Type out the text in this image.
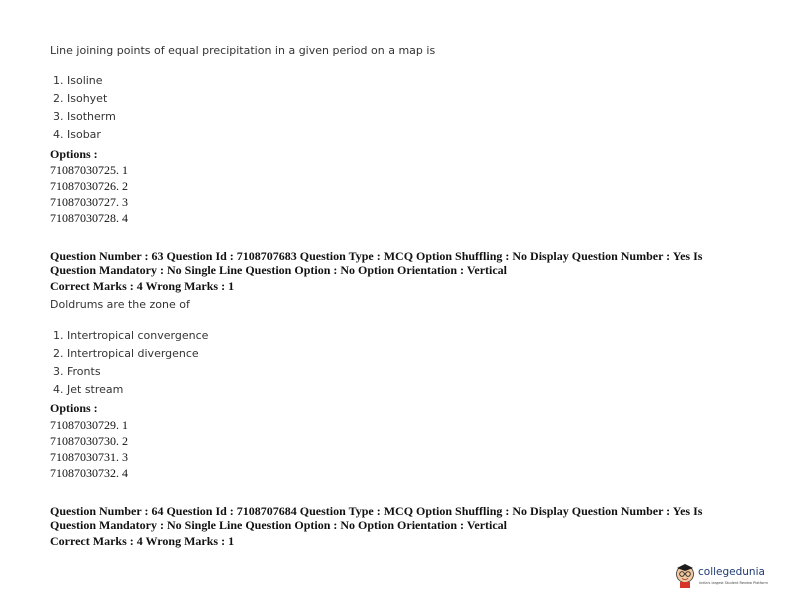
Line joining points of equal precipitation in a given period on a map is
1. Isoline
2. Isohyet
3. Isotherm
4. Isobar
Options :
71087030725. 1
71087030726. 2
71087030727. 3
71087030728. 4
Question Number : 63 Question Id : 7108707683 Question Type : MCQ Option Shuffling : No Display Question Number : Yes Is
Question Mandatory : No Single Line Question Option : No Option Orientation : Vertical
Correct Marks : 4 Wrong Marks : 1
Doldrums are the zone of
1. Intertropical convergence
2. Intertropical divergence
3. Fronts
4. Jet stream
Options :
71087030729. 1
71087030730. 2
71087030731. 3
71087030732. 4
Question Number : 64 Question Id : 7108707684 Question Type : MCQ Option Shuffling : No Display Question Number : Yes Is
Question Mandatory : No Single Line Question Option : No Option Orientation : Vertical
Correct Marks : 4 Wrong Marks : 1
collegedunia
India's largest Student Review Platform
